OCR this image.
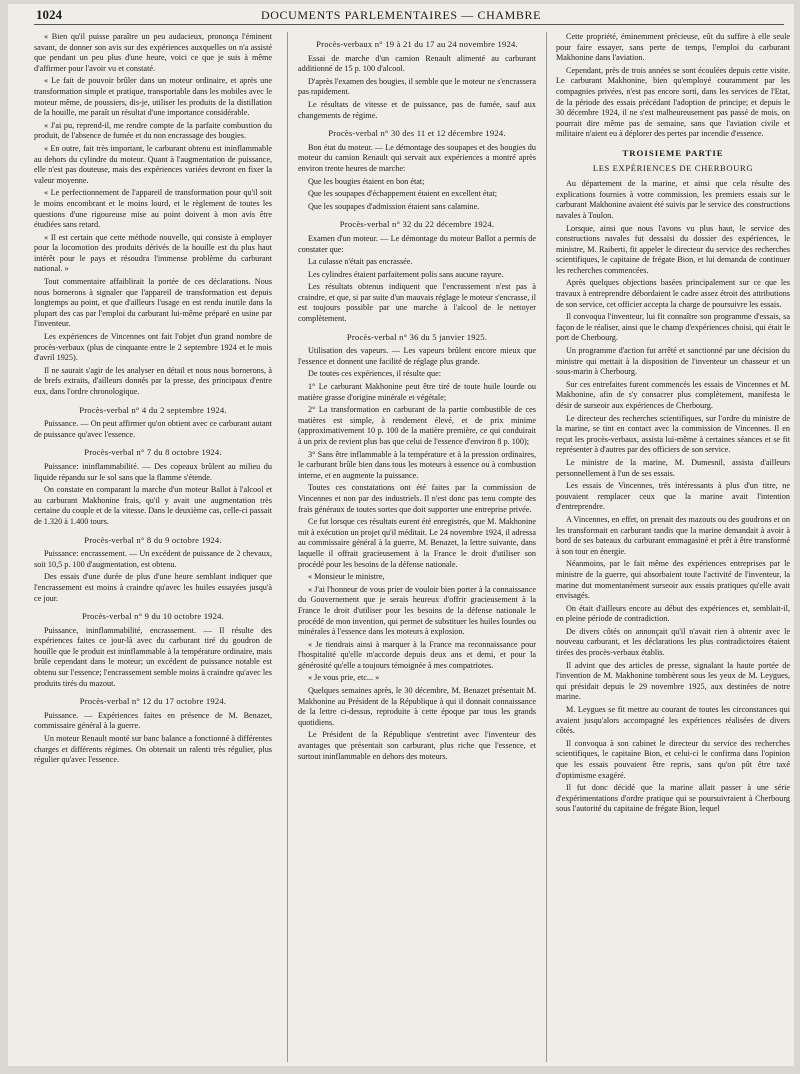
1024	DOCUMENTS PARLEMENTAIRES — CHAMBRE

« Bien qu'il puisse paraître un peu audacieux, prononça l'éminent savant, de donner son avis sur des expériences auxquelles on n'a assisté que pendant un peu plus d'une heure, voici ce que je suis à même d'affirmer pour l'avoir vu et constaté.

« Le fait de pouvoir brûler dans un moteur ordinaire, et après une transformation simple et pratique, transportable dans les mobiles avec le moteur même, de poussiers, dis-je, utiliser les produits de la distillation de la houille, me paraît un résultat d'une importance considérable.

« J'ai pu, reprend-il, me rendre compte de la parfaite combustion du produit, de l'absence de fumée et du non encrassage des bougies.

« En outre, fait très important, le carburant obtenu est ininflammable au dehors du cylindre du moteur. Quant à l'augmentation de puissance, elle n'est pas douteuse, mais des expériences variées devront en fixer la valeur moyenne.

« Le perfectionnement de l'appareil de transformation pour qu'il soit le moins encombrant et le moins lourd, et le règlement de toutes les questions d'une rigoureuse mise au point doivent à mon avis être étudiées sans retard.

« Il est certain que cette méthode nouvelle, qui consiste à employer pour la locomotion des produits dérivés de la houille est du plus haut intérêt pour le pays et résoudra l'immense problème du carburant national. »

Tout commentaire affaiblirait la portée de ces déclarations. Nous nous bornerons à signaler que l'appareil de transformation est depuis longtemps au point, et que d'ailleurs l'usage en est rendu inutile dans la plupart des cas par l'emploi du carburant lui-même préparé en usine par l'inventeur.

Les expériences de Vincennes ont fait l'objet d'un grand nombre de procès-verbaux (plus de cinquante entre le 2 septembre 1924 et le mois d'avril 1925).

Il ne saurait s'agir de les analyser en détail et nous nous bornerons, à de brefs extraits, d'ailleurs donnés par la presse, des principaux d'entre eux, dans l'ordre chronologique.

Procès-verbal n° 4 du 2 septembre 1924.

Puissance. — On peut affirmer qu'on obtient avec ce carburant autant de puissance qu'avec l'essence.

Procès-verbal n° 7 du 8 octobre 1924.

Puissance: ininflammabilité. — Des copeaux brûlent au milieu du liquide répandu sur le sol sans que la flamme s'étende.

On constate en comparant la marche d'un moteur Ballot à l'alcool et au carburant Makhonine frais, qu'il y avait une augmentation très certaine du couple et de la vitesse. Dans le deuxième cas, celle-ci passait de 1.320 à 1.400 tours.

Procès-verbal n° 8 du 9 octobre 1924.

Puissance: encrassement. — Un excédent de puissance de 2 chevaux, soit 10,5 p. 100 d'augmentation, est obtenu.

Des essais d'une durée de plus d'une heure semblant indiquer que l'encrassement est moins à craindre qu'avec les huiles essayées jusqu'à ce jour.

Procès-verbal n° 9 du 10 octobre 1924.

Puissance, ininflammabilité, encrassement. — Il résulte des expériences faites ce jour-là avec du carburant tiré du goudron de houille que le produit est ininflammable à la température ordinaire, mais brûle cependant dans le moteur; un excédent de puissance notable est obtenu sur l'essence; l'encrassement semble moins à craindre qu'avec les produits tirés du mazout.

Procès-verbal n° 12 du 17 octobre 1924.

Puissance. — Expériences faites en présence de M. Benazet, commissaire général à la guerre.

Un moteur Renault monté sur banc balance a fonctionné à différentes charges et différents régimes. On obtenait un ralenti très régulier, plus régulier qu'avec l'essence.

Procès-verbaux n° 19 à 21 du 17 au 24 novembre 1924.

Essai de marche d'un camion Renault alimenté au carburant additionné de 15 p. 100 d'alcool.

D'après l'examen des bougies, il semble que le moteur ne s'encrassera pas rapidement.

Le résultats de vitesse et de puissance, pas de fumée, sauf aux changements de régime.

Procès-verbal n° 30 des 11 et 12 décembre 1924.

Bon état du moteur. — Le démontage des soupapes et des bougies du moteur du camion Renault qui servait aux expériences a montré après environ trente heures de marche:

Que les bougies étaient en bon état;

Que les soupapes d'échappement étaient en excellent état;

Que les soupapes d'admission étaient sans calamine.

Procès-verbal n° 32 du 22 décembre 1924.

Examen d'un moteur. — Le démontage du moteur Ballot a permis de constater que:

La culasse n'était pas encrassée.

Les cylindres étaient parfaitement polis sans aucune rayure.

Les résultats obtenus indiquent que l'encrassement n'est pas à craindre, et que, si par suite d'un mauvais réglage le moteur s'encrasse, il est toujours possible par une marche à l'alcool de le nettoyer complètement.

Procès-verbal n° 36 du 5 janvier 1925.

Utilisation des vapeurs. — Les vapeurs brûlent encore mieux que l'essence et donnent une facilité de réglage plus grande.

De toutes ces expériences, il résulte que:

1° Le carburant Makhonine peut être tiré de toute huile lourde ou matière grasse d'origine minérale et végétale;

2° La transformation en carburant de la partie combustible de ces matières est simple, à rendement élevé, et de prix minime (approximativement 10 p. 100 de la matière première, ce qui conduirait à un prix de revient plus bas que celui de l'essence d'environ 8 p. 100);

3° Sans être inflammable à la température et à la pression ordinaires, le carburant brûle bien dans tous les moteurs à essence ou à combustion interne, et en augmente la puissance.

Toutes ces constatations ont été faites par la commission de Vincennes et non par des industriels. Il n'est donc pas tenu compte des frais généraux de toutes sortes que doit supporter une entreprise privée.

Ce fut lorsque ces résultats eurent été enregistrés, que M. Makhonine mit à exécution un projet qu'il méditait. Le 24 novembre 1924, il adressa au commissaire général à la guerre, M. Benazet, la lettre suivante, dans laquelle il offrait gracieusement à la France le droit d'utiliser son procédé pour les besoins de la défense nationale.

« Monsieur le ministre,

« J'ai l'honneur de vous prier de vouloir bien porter à la connaissance du Gouvernement que je serais heureux d'offrir gracieusement à la France le droit d'utiliser pour les besoins de la défense nationale le procédé de mon invention, qui permet de substituer les huiles lourdes ou minérales à l'essence dans les moteurs à explosion.

« Je tiendrais ainsi à marquer à la France ma reconnaissance pour l'hospitalité qu'elle m'accorde depuis deux ans et demi, et pour la générosité qu'elle a toujours témoignée à mes compatriotes.

« Je vous prie, etc... »

Quelques semaines après, le 30 décembre, M. Benazet présentait M. Makhonine au Président de la République à qui il donnait connaissance de la lettre ci-dessus, reproduite à cette époque par tous les grands quotidiens.

Le Président de la République s'entretint avec l'inventeur des avantages que présentait son carburant, plus riche que l'essence, et surtout ininflammable en dehors des moteurs.

Cette propriété, éminemment précieuse, eût du suffire à elle seule pour faire essayer, sans perte de temps, l'emploi du carburant Makhonine dans l'aviation.

Cependant, près de trois années se sont écoulées depuis cette visite. Le carburant Makhonine, bien qu'employé couramment par les compagnies privées, n'est pas encore sorti, dans les services de l'Etat, de la période des essais précédant l'adoption de principe; et depuis le 30 décembre 1924, il ne s'est malheureusement pas passé de mois, on pourrait dire même pas de semaine, sans que l'aviation civile et militaire n'aient eu à déplorer des pertes par incendie d'essence.

TROISIEME PARTIE
LES EXPÉRIENCES DE CHERBOURG

Au département de la marine, et ainsi que cela résulte des explications fournies à votre commission, les premiers essais sur le carburant Makhonine avaient été suivis par le service des constructions navales à Toulon.

Lorsque, ainsi que nous l'avons vu plus haut, le service des constructions navales fut dessaisi du dossier des expériences, le ministre, M. Raiberti, fit appeler le directeur du service des recherches scientifiques, le capitaine de frégate Bion, et lui demanda de continuer les recherches commencées.

Après quelques objections basées principalement sur ce que les travaux à entreprendre débordaient le cadre assez étroit des attributions de son service, cet officier accepta la charge de poursuivre les essais.

Il convoqua l'inventeur, lui fit connaître son programme d'essais, sa façon de le réaliser, ainsi que le champ d'expériences choisi, qui était le port de Cherbourg.

Un programme d'action fut arrêté et sanctionné par une décision du ministre qui mettait à la disposition de l'inventeur un chasseur et un sous-marin à Cherbourg.

Sur ces entrefaites furent commencés les essais de Vincennes et M. Makhonine, afin de s'y consacrer plus complètement, manifesta le désir de surseoir aux expériences de Cherbourg.

Le directeur des recherches scientifiques, sur l'ordre du ministre de la marine, se tint en contact avec la commission de Vincennes. Il en reçut les procès-verbaux, assista lui-même à certaines séances et se fit représenter à d'autres par des officiers de son service.

Le ministre de la marine, M. Dumesnil, assista d'ailleurs personnellement à l'un de ses essais.

Les essais de Vincennes, très intéressants à plus d'un titre, ne pouvaient remplacer ceux que la marine avait l'intention d'entreprendre.

A Vincennes, en effet, on prenait des mazouts ou des goudrons et on les transformait en carburant tandis que la marine demandait à avoir à bord de ses bateaux du carburant emmagasiné et prêt à être transformé à son tour en énergie.

Néanmoins, par le fait même des expériences entreprises par le ministre de la guerre, qui absorbaient toute l'activité de l'inventeur, la marine dut momentanément surseoir aux essais pratiques qu'elle avait envisagés.

On était d'ailleurs encore au début des expériences et, semblait-il, en pleine période de contradiction.

De divers côtés on annonçait qu'il n'avait rien à obtenir avec le nouveau carburant, et les déclarations les plus contradictoires étaient tirées des procès-verbaux établis.

Il advint que des articles de presse, signalant la haute portée de l'invention de M. Makhonine tombèrent sous les yeux de M. Leygues, qui présidait depuis le 29 novembre 1925, aux destinées de notre marine.

M. Leygues se fit mettre au courant de toutes les circonstances qui avaient jusqu'alors accompagné les expériences réalisées de divers côtés.

Il convoqua à son cabinet le directeur du service des recherches scientifiques, le capitaine Bion, et celui-ci le confirma dans l'opinion que les essais pouvaient être repris, sans qu'on pût être taxé d'optimisme exagéré.

Il fut donc décidé que la marine allait passer à une série d'expérimentations d'ordre pratique qui se poursuivraient à Cherbourg sous l'autorité du capitaine de frégate Bion, lequel
